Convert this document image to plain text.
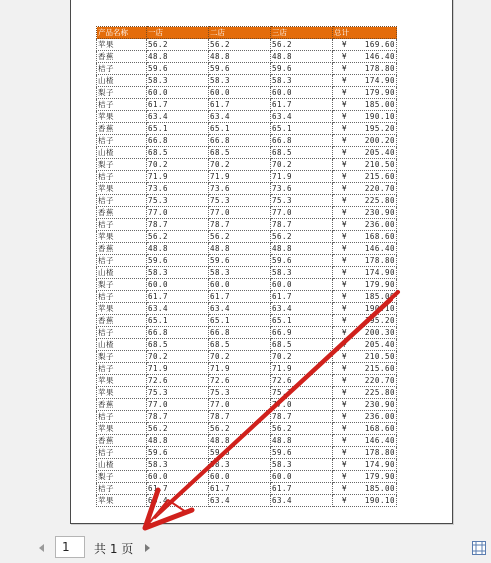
产品名称	一店	二店	三店	总计
苹果	56.2	56.2	56.2	¥ 169.60
香蕉	48.8	48.8	48.8	¥ 146.40
桔子	59.6	59.6	59.6	¥ 178.80
山楂	58.3	58.3	58.3	¥ 174.90
梨子	60.0	60.0	60.0	¥ 179.90
桔子	61.7	61.7	61.7	¥ 185.00
苹果	63.4	63.4	63.4	¥ 190.10
香蕉	65.1	65.1	65.1	¥ 195.20
桔子	66.8	66.8	66.8	¥ 200.20
山楂	68.5	68.5	68.5	¥ 205.40
梨子	70.2	70.2	70.2	¥ 210.50
桔子	71.9	71.9	71.9	¥ 215.60
苹果	73.6	73.6	73.6	¥ 220.70
桔子	75.3	75.3	75.3	¥ 225.80
香蕉	77.0	77.0	77.0	¥ 230.90
桔子	78.7	78.7	78.7	¥ 236.00
苹果	56.2	56.2	56.2	¥ 168.60
香蕉	48.8	48.8	48.8	¥ 146.40
桔子	59.6	59.6	59.6	¥ 178.80
山楂	58.3	58.3	58.3	¥ 174.90
梨子	60.0	60.0	60.0	¥ 179.90
桔子	61.7	61.7	61.7	¥ 185.00
苹果	63.4	63.4	63.4	¥ 190.10
香蕉	65.1	65.1	65.1	¥ 195.20
桔子	66.8	66.8	66.9	¥ 200.30
山楂	68.5	68.5	68.5	¥ 205.40
梨子	70.2	70.2	70.2	¥ 210.50
桔子	71.9	71.9	71.9	¥ 215.60
苹果	72.6	72.6	72.6	¥ 220.70
苹果	75.3	75.3	75.3	¥ 225.80
香蕉	77.0	77.0	77.0	¥ 230.90
桔子	78.7	78.7	78.7	¥ 236.00
苹果	56.2	56.2	56.2	¥ 168.60
香蕉	48.8	48.8	48.8	¥ 146.40
桔子	59.6	59.6	59.6	¥ 178.80
山楂	58.3	58.3	58.3	¥ 174.90
梨子	60.0	60.0	60.0	¥ 179.90
桔子	61.7	61.7	61.7	¥ 185.00
苹果	63.4	63.4	63.4	¥ 190.10
1
共 1 页
